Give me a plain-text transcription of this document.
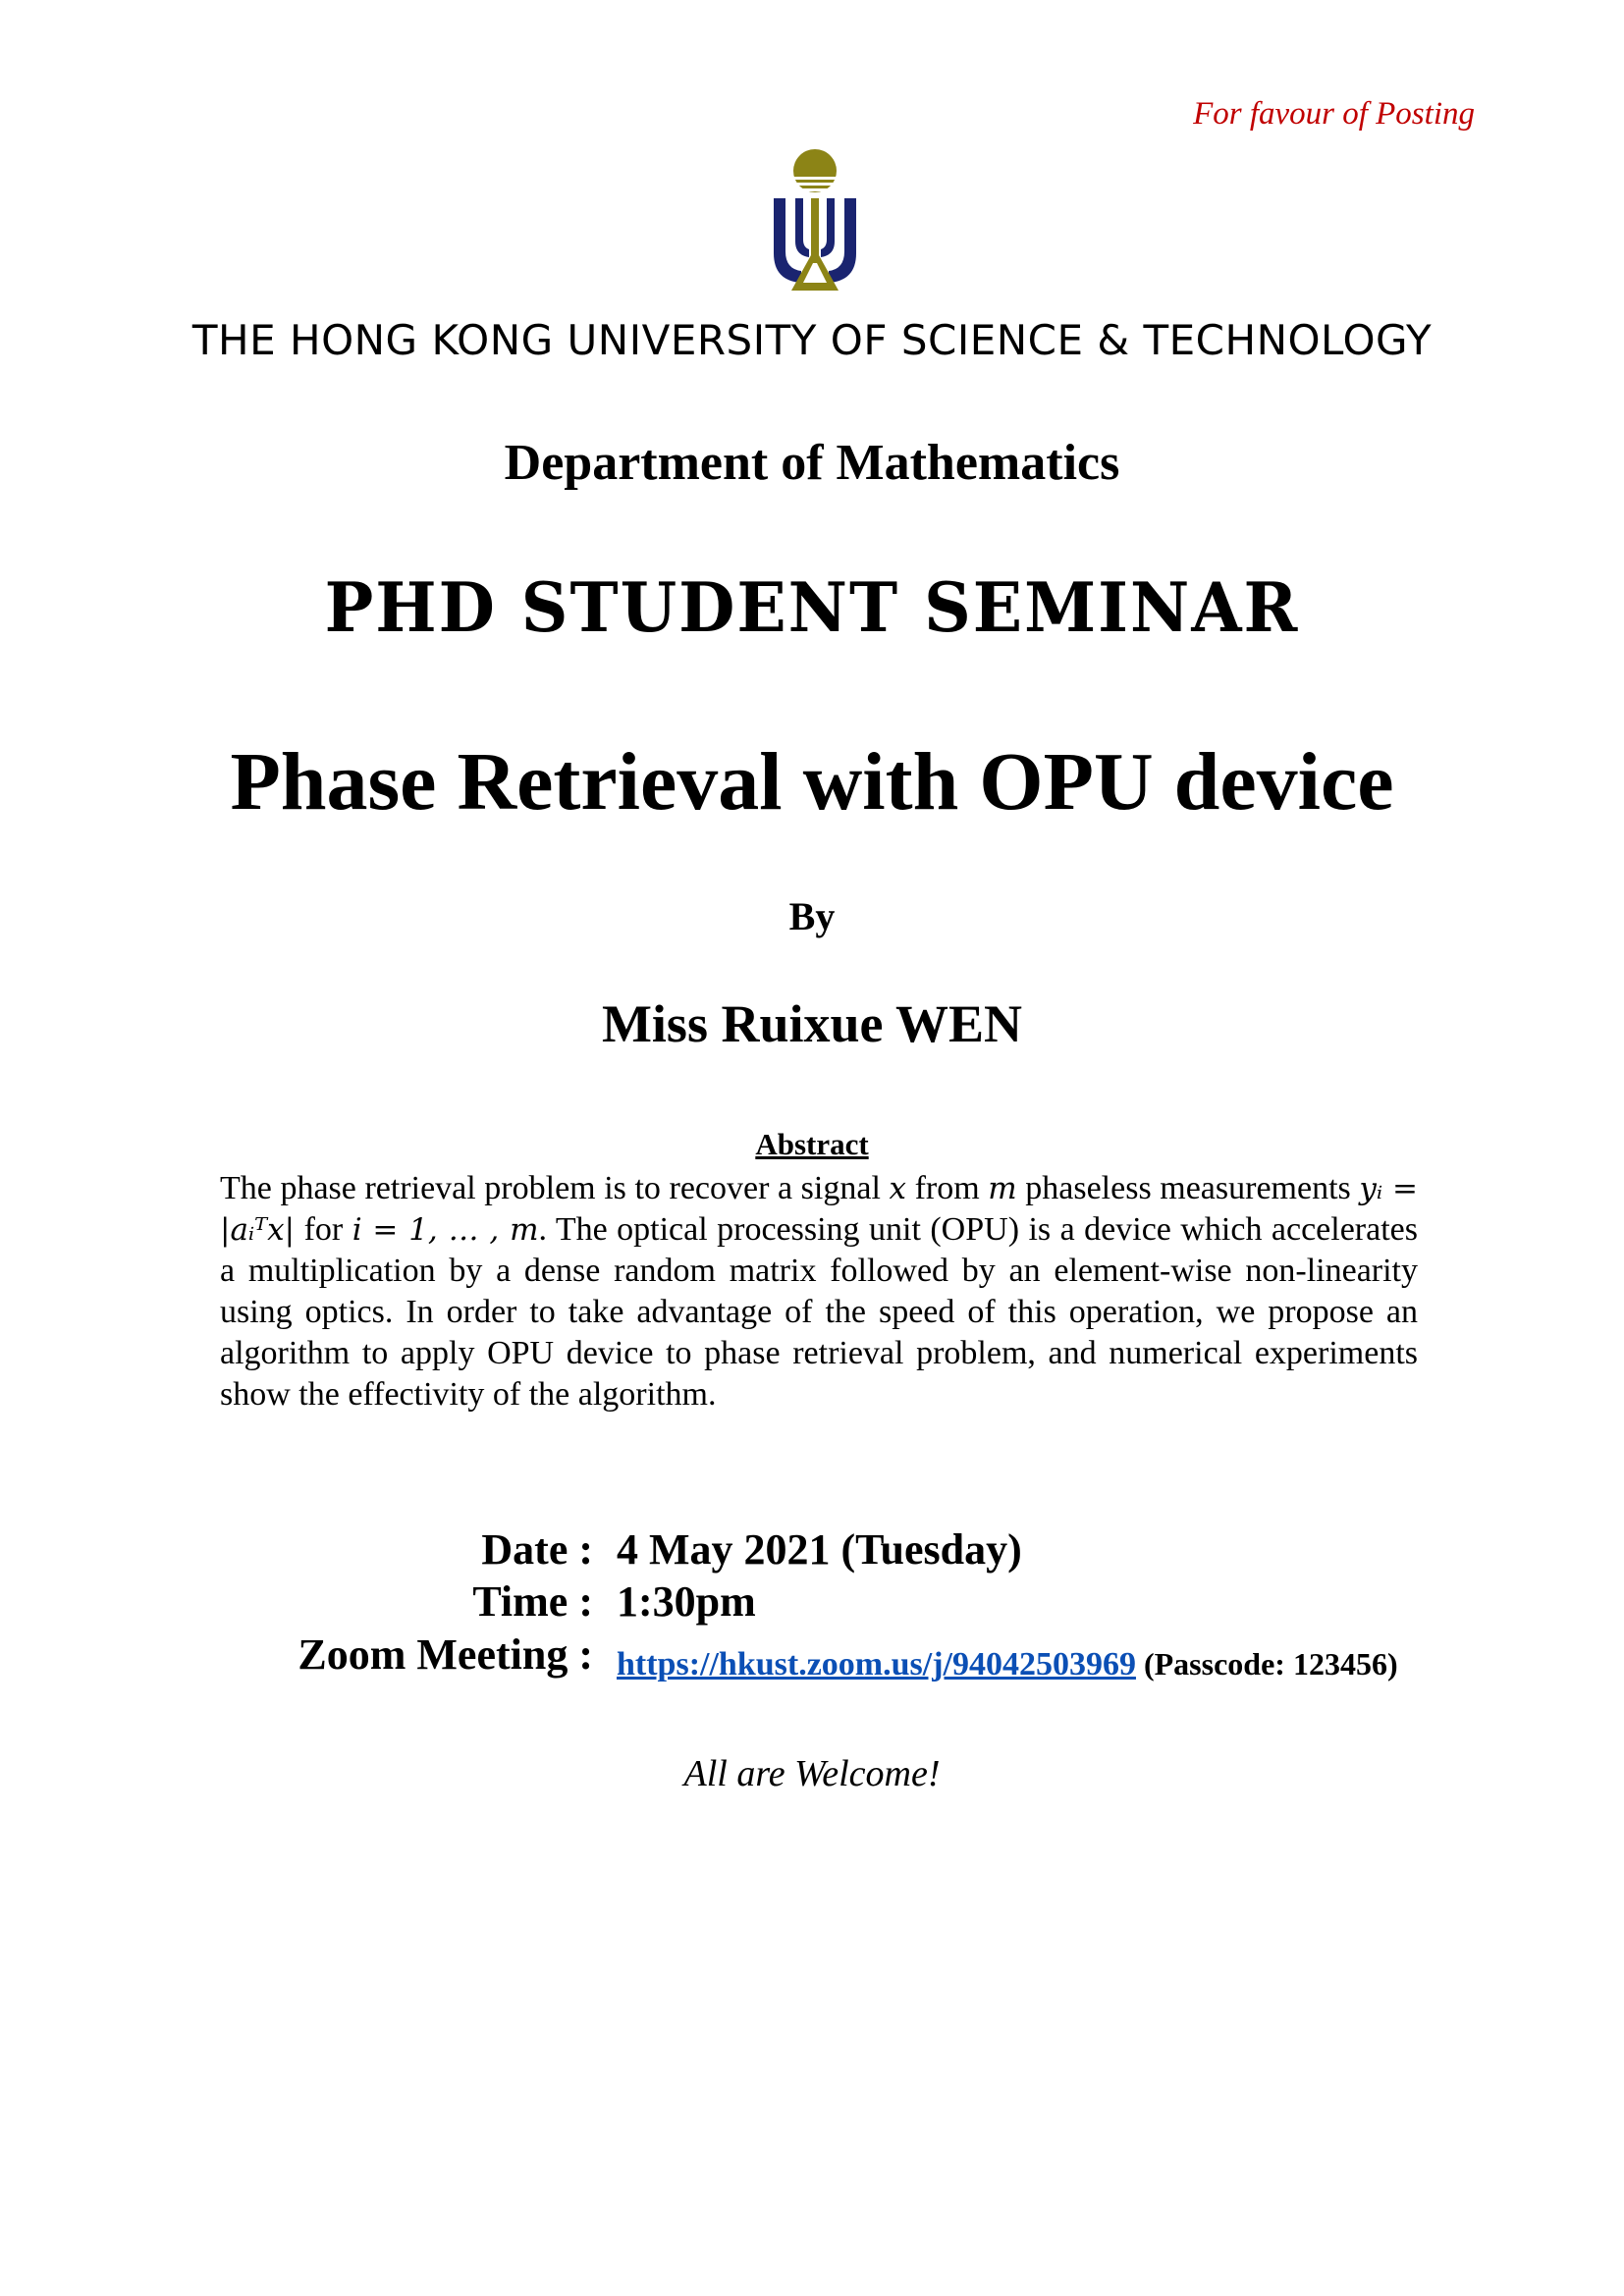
For favour of Posting
THE HONG KONG UNIVERSITY OF SCIENCE & TECHNOLOGY
Department of Mathematics
PHD STUDENT SEMINAR
Phase Retrieval with OPU device
By
Miss Ruixue WEN
Abstract
The phase retrieval problem is to recover a signal x from m phaseless measurements yᵢ = |aᵢᵀx| for i = 1, … , m. The optical processing unit (OPU) is a device which accelerates a multiplication by a dense random matrix followed by an element-wise non-linearity using optics. In order to take advantage of the speed of this operation, we propose an algorithm to apply OPU device to phase retrieval problem, and numerical experiments show the effectivity of the algorithm.
Date : 4 May 2021 (Tuesday)
Time : 1:30pm
Zoom Meeting : https://hkust.zoom.us/j/94042503969 (Passcode: 123456)
All are Welcome!
